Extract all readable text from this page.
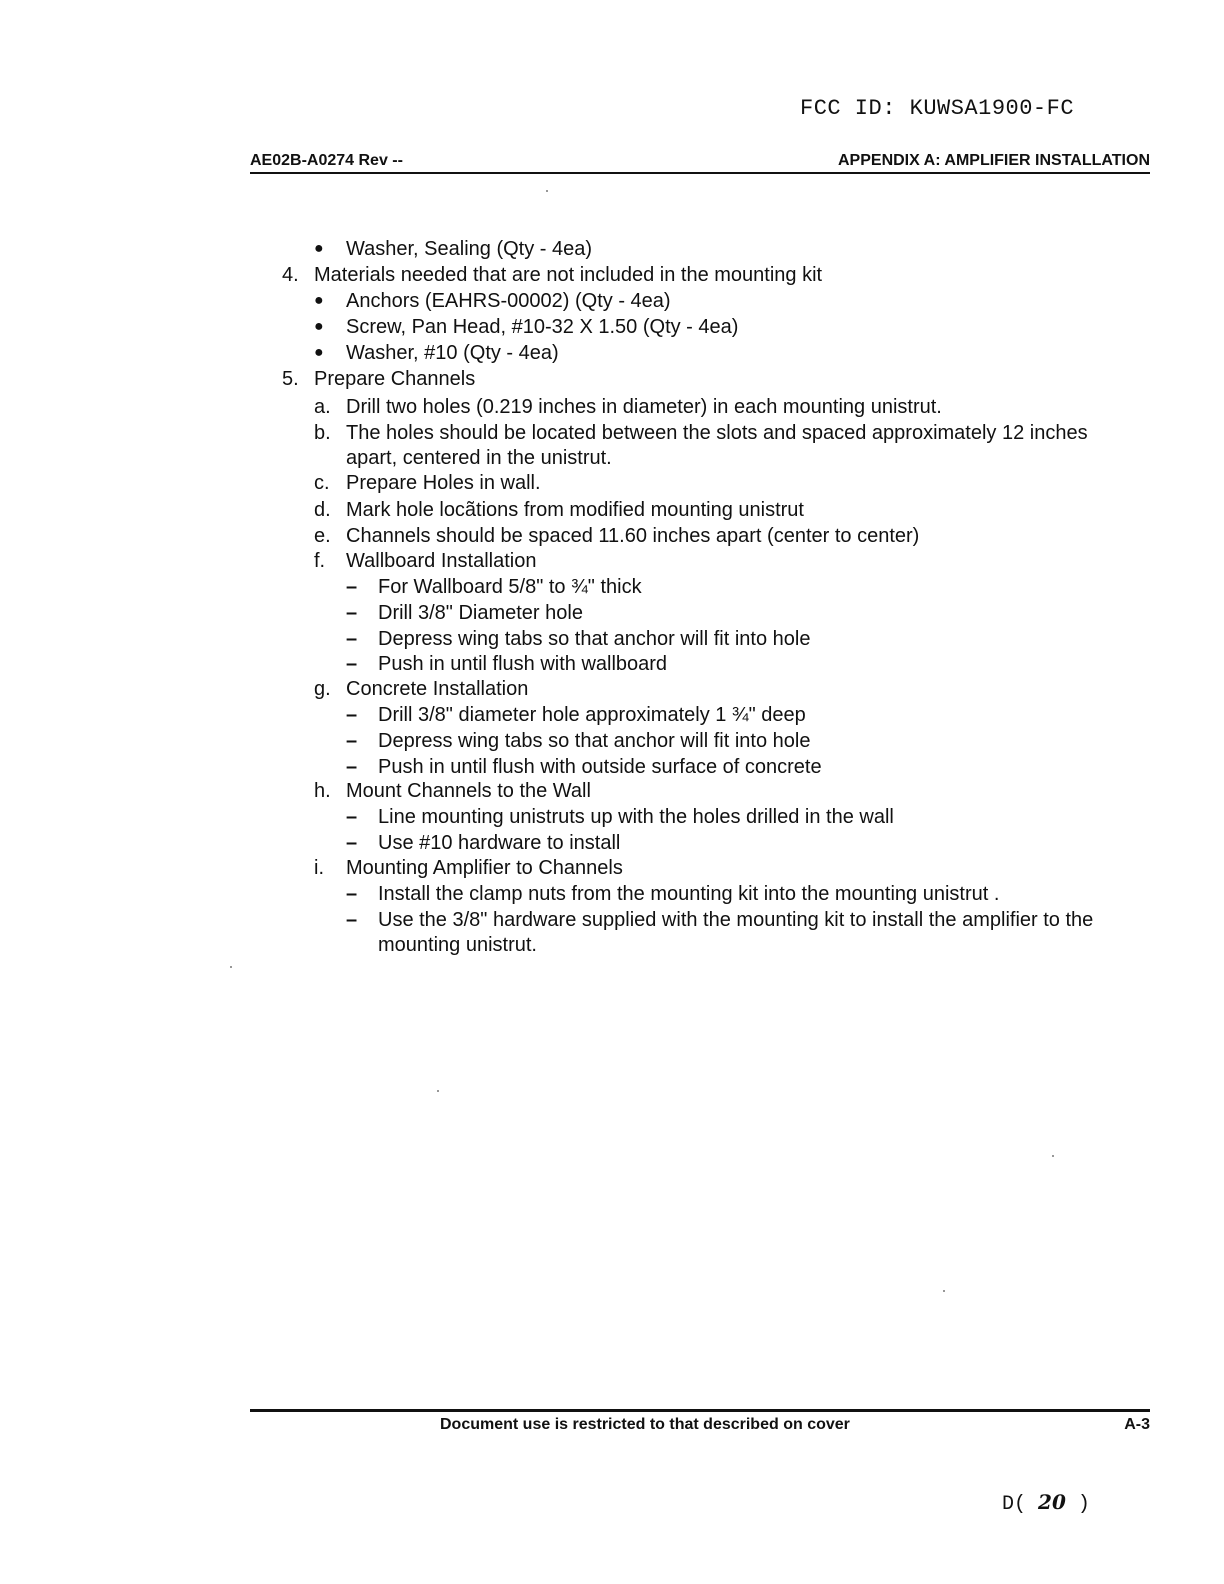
FCC ID: KUWSA1900-FC
AE02B-A0274 Rev --	APPENDIX A: AMPLIFIER INSTALLATION
● Washer, Sealing (Qty - 4ea)
4. Materials needed that are not included in the mounting kit
● Anchors (EAHRS-00002) (Qty - 4ea)
● Screw, Pan Head, #10-32 X 1.50 (Qty - 4ea)
● Washer, #10 (Qty - 4ea)
5. Prepare Channels
a. Drill two holes (0.219 inches in diameter) in each mounting unistrut.
b. The holes should be located between the slots and spaced approximately 12 inches
apart, centered in the unistrut.
c. Prepare Holes in wall.
d. Mark hole locãtions from modified mounting unistrut
e. Channels should be spaced 11.60 inches apart (center to center)
f. Wallboard Installation
– For Wallboard 5/8" to ¾" thick
– Drill 3/8" Diameter hole
– Depress wing tabs so that anchor will fit into hole
– Push in until flush with wallboard
g. Concrete Installation
– Drill 3/8" diameter hole approximately 1 ¾" deep
– Depress wing tabs so that anchor will fit into hole
– Push in until flush with outside surface of concrete
h. Mount Channels to the Wall
– Line mounting unistruts up with the holes drilled in the wall
– Use #10 hardware to install
i. Mounting Amplifier to Channels
– Install the clamp nuts from the mounting kit into the mounting unistrut .
– Use the 3/8" hardware supplied with the mounting kit to install the amplifier to the
mounting unistrut.
Document use is restricted to that described on cover	A-3
D( 20 )
